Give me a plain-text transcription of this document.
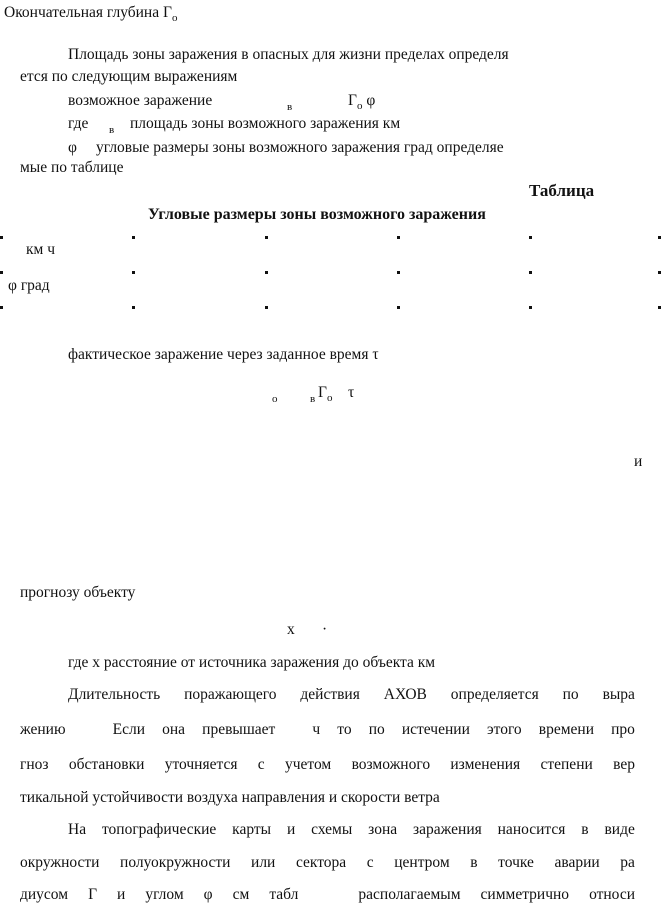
Окончательная глубина $Г_о$
Площадь зоны заражения в опасных для жизни пределах определя
ется по следующим выражениям
возможное заражение	в	$Г_о$ φ
где в площадь зоны возможного заражения км
φ угловые размеры зоны возможного заражения град определяе
мые по таблице
Таблица
Угловые размеры зоны возможного заражения
км ч
φ град
фактическое заражение через заданное время τ
о	в $Г_о$ τ
и
прогнозу объекту
х ·
где х расстояние от источника заражения до объекта км
Длительность поражающего действия АХОВ определяется по выра
жению	Если она превышает ч то по истечении этого времени про
гноз обстановки уточняется с учетом возможного изменения степени вер
тикальной устойчивости воздуха направления и скорости ветра
На топографические карты и схемы зона заражения наносится в виде
окружности полуокружности или сектора с центром в точке аварии ра
диусом Г и углом φ см табл	располагаемым симметрично относи
